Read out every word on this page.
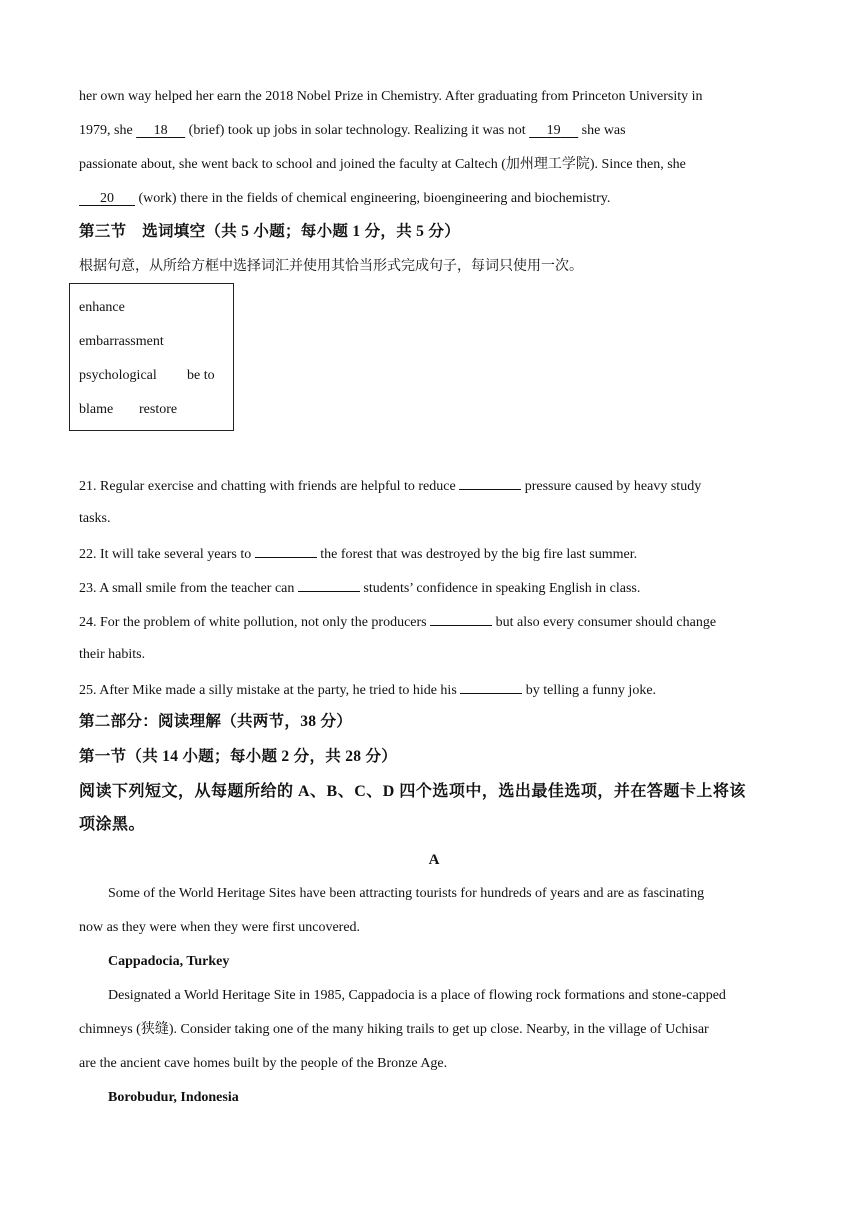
her own way helped her earn the 2018 Nobel Prize in Chemistry. After graduating from Princeton University in
1979, she      18      (brief) took up jobs in solar technology. Realizing it was not      19      she was
passionate about, she went back to school and joined the faculty at Caltech (加州理工学院). Since then, she
20       (work) there in the fields of chemical engineering, bioengineering and biochemistry.
第三节　选词填空（共 5 小题；每小题 1 分，共 5 分）
根据句意，从所给方框中选择词汇并使用其恰当形式完成句子，每词只使用一次。
enhance
embarrassment
psychological be to
blame restore
21. Regular exercise and chatting with friends are helpful to reduce	pressure caused by heavy study
tasks.
22. It will take several years to	the forest that was destroyed by the big fire last summer.
23. A small smile from the teacher can	students’ confidence in speaking English in class.
24. For the problem of white pollution, not only the producers	but also every consumer should change
their habits.
25. After Mike made a silly mistake at the party, he tried to hide his	by telling a funny joke.
第二部分：阅读理解（共两节，38 分）
第一节（共 14 小题；每小题 2 分，共 28 分）
阅读下列短文，从每题所给的 A、B、C、D 四个选项中，选出最佳选项，并在答题卡上将该
项涂黑。
A
Some of the World Heritage Sites have been attracting tourists for hundreds of years and are as fascinating
now as they were when they were first uncovered.
Cappadocia, Turkey
Designated a World Heritage Site in 1985, Cappadocia is a place of flowing rock formations and stone-capped
chimneys (狭缝). Consider taking one of the many hiking trails to get up close. Nearby, in the village of Uchisar
are the ancient cave homes built by the people of the Bronze Age.
Borobudur, Indonesia
